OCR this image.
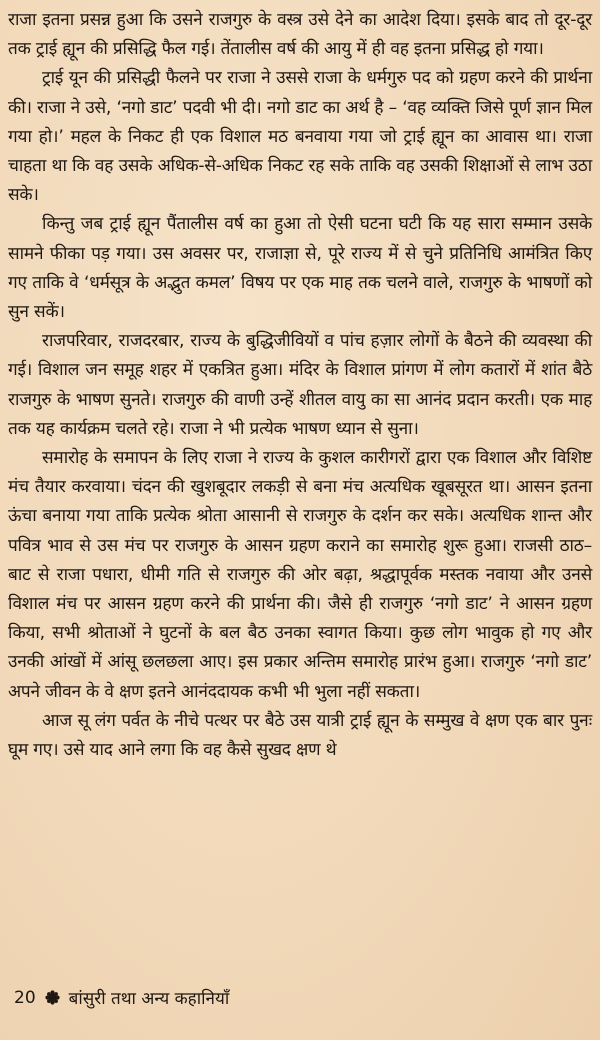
राजा इतना प्रसन्न हुआ कि उसने राजगुरु के वस्त्र उसे देने का आदेश दिया। इसके बाद तो दूर-दूर तक ट्राई ह्यून की प्रसिद्धि फैल गई। तेंतालीस वर्ष की आयु में ही वह इतना प्रसिद्ध हो गया।

ट्राई यून की प्रसिद्धी फैलने पर राजा ने उससे राजा के धर्मगुरु पद को ग्रहण करने की प्रार्थना की। राजा ने उसे, ‘नगो डाट’ पदवी भी दी। नगो डाट का अर्थ है – ‘वह व्यक्ति जिसे पूर्ण ज्ञान मिल गया हो।’ महल के निकट ही एक विशाल मठ बनवाया गया जो ट्राई ह्यून का आवास था। राजा चाहता था कि वह उसके अधिक-से-अधिक निकट रह सके ताकि वह उसकी शिक्षाओं से लाभ उठा सके।

किन्तु जब ट्राई ह्यून पैंतालीस वर्ष का हुआ तो ऐसी घटना घटी कि यह सारा सम्मान उसके सामने फीका पड़ गया। उस अवसर पर, राजाज्ञा से, पूरे राज्य में से चुने प्रतिनिधि आमंत्रित किए गए ताकि वे ‘धर्मसूत्र के अद्भुत कमल’ विषय पर एक माह तक चलने वाले, राजगुरु के भाषणों को सुन सकें।

राजपरिवार, राजदरबार, राज्य के बुद्धिजीवियों व पांच हज़ार लोगों के बैठने की व्यवस्था की गई। विशाल जन समूह शहर में एकत्रित हुआ। मंदिर के विशाल प्रांगण में लोग कतारों में शांत बैठे राजगुरु के भाषण सुनते। राजगुरु की वाणी उन्हें शीतल वायु का सा आनंद प्रदान करती। एक माह तक यह कार्यक्रम चलते रहे। राजा ने भी प्रत्येक भाषण ध्यान से सुना।

समारोह के समापन के लिए राजा ने राज्य के कुशल कारीगरों द्वारा एक विशाल और विशिष्ट मंच तैयार करवाया। चंदन की खुशबूदार लकड़ी से बना मंच अत्यधिक खूबसूरत था। आसन इतना ऊंचा बनाया गया ताकि प्रत्येक श्रोता आसानी से राजगुरु के दर्शन कर सके। अत्यधिक शान्त और पवित्र भाव से उस मंच पर राजगुरु के आसन ग्रहण कराने का समारोह शुरू हुआ। राजसी ठाठ–बाट से राजा पधारा, धीमी गति से राजगुरु की ओर बढ़ा, श्रद्धापूर्वक मस्तक नवाया और उनसे विशाल मंच पर आसन ग्रहण करने की प्रार्थना की। जैसे ही राजगुरु ‘नगो डाट’ ने आसन ग्रहण किया, सभी श्रोताओं ने घुटनों के बल बैठ उनका स्वागत किया। कुछ लोग भावुक हो गए और उनकी आंखों में आंसू छलछला आए। इस प्रकार अन्तिम समारोह प्रारंभ हुआ। राजगुरु ‘नगो डाट’ अपने जीवन के वे क्षण इतने आनंददायक कभी भी भुला नहीं सकता।

आज सू लंग पर्वत के नीचे पत्थर पर बैठे उस यात्री ट्राई ह्यून के सम्मुख वे क्षण एक बार पुनः घूम गए। उसे याद आने लगा कि वह कैसे सुखद क्षण थे

20 बांसुरी तथा अन्य कहानियाँ
